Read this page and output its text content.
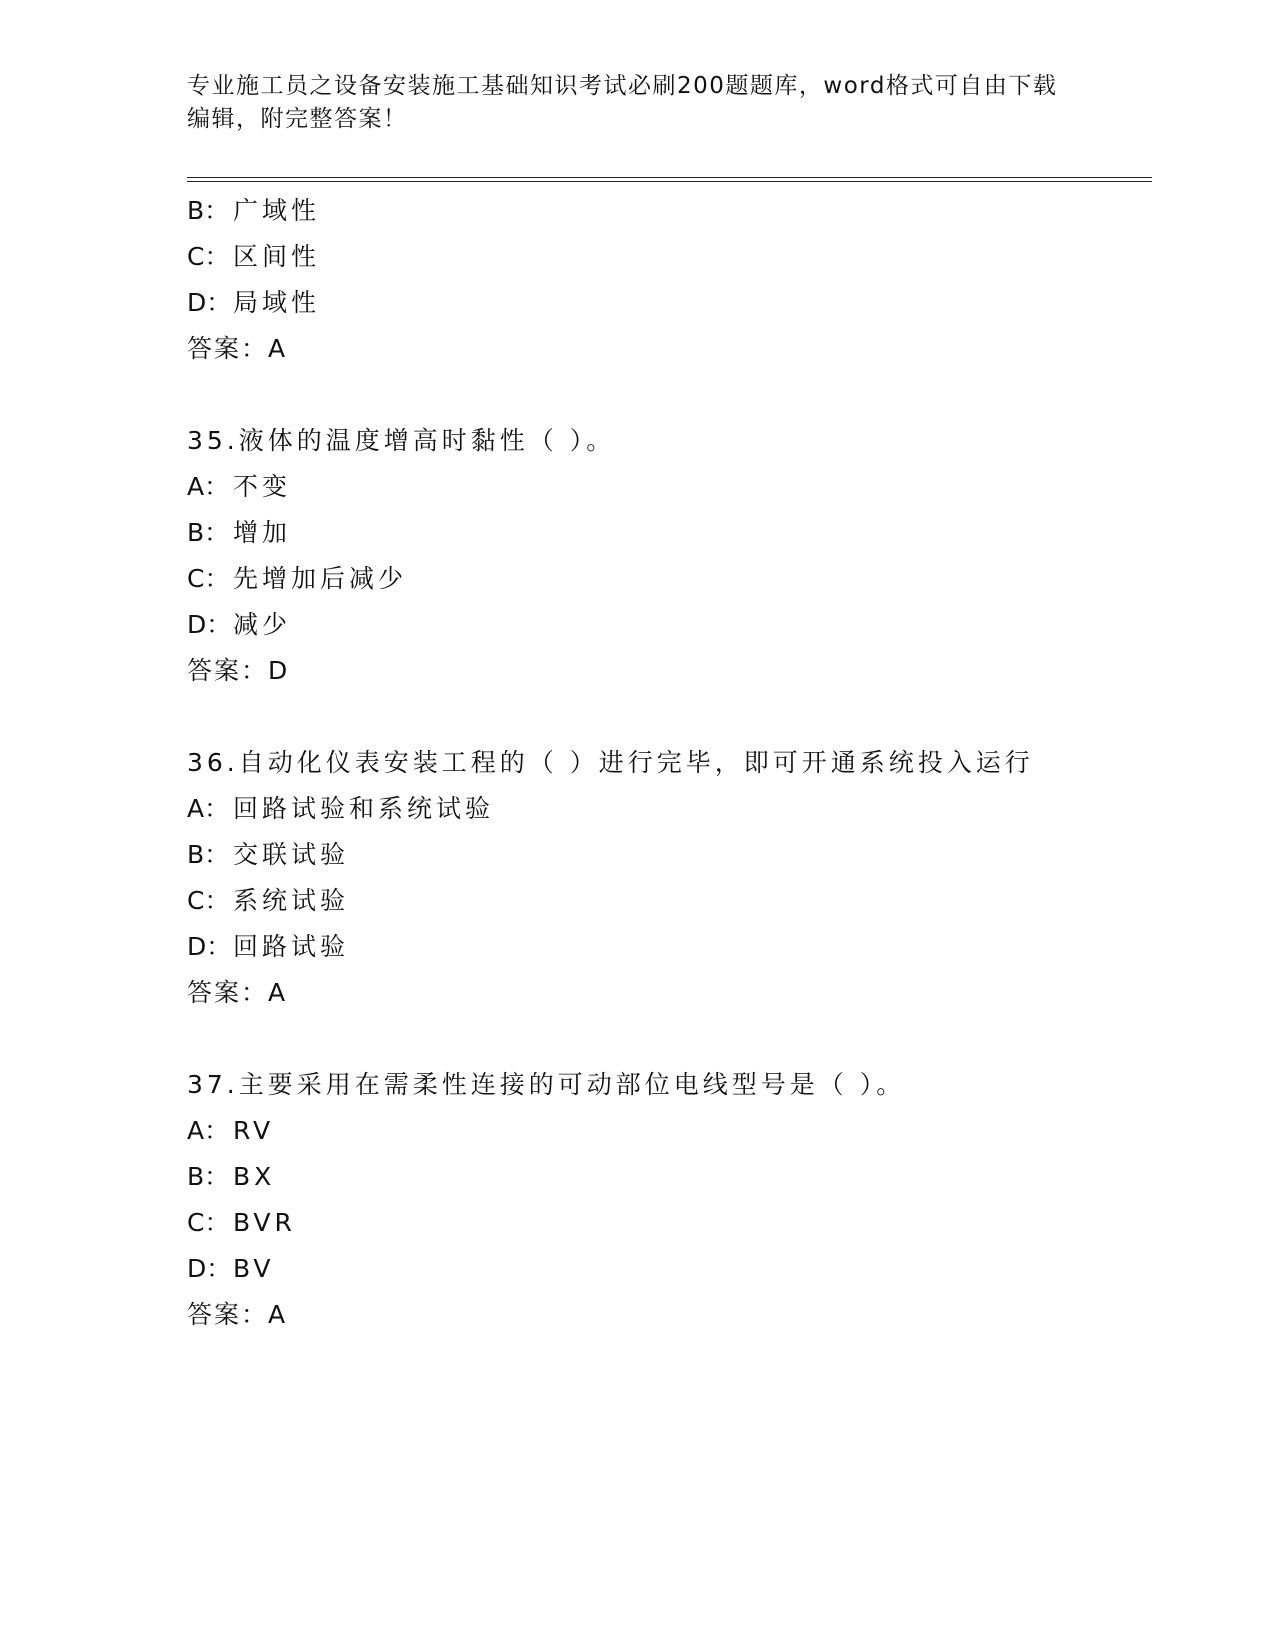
专业施工员之设备安装施工基础知识考试必刷200题题库，word格式可自由下载
编辑，附完整答案！
B： 广域性
C： 区间性
D：局域性
答案：A
35.液体的温度增高时黏性（ ）。
A： 不变
B： 增加
C： 先增加后减少
D：减少
答案：D
36.自动化仪表安装工程的（ ）进行完毕，即可开通系统投入运行
A： 回路试验和系统试验
B： 交联试验
C： 系统试验
D：回路试验
答案：A
37.主要采用在需柔性连接的可动部位电线型号是（ ）。
A： RV
B： BX
C： BVR
D：BV
答案：A
